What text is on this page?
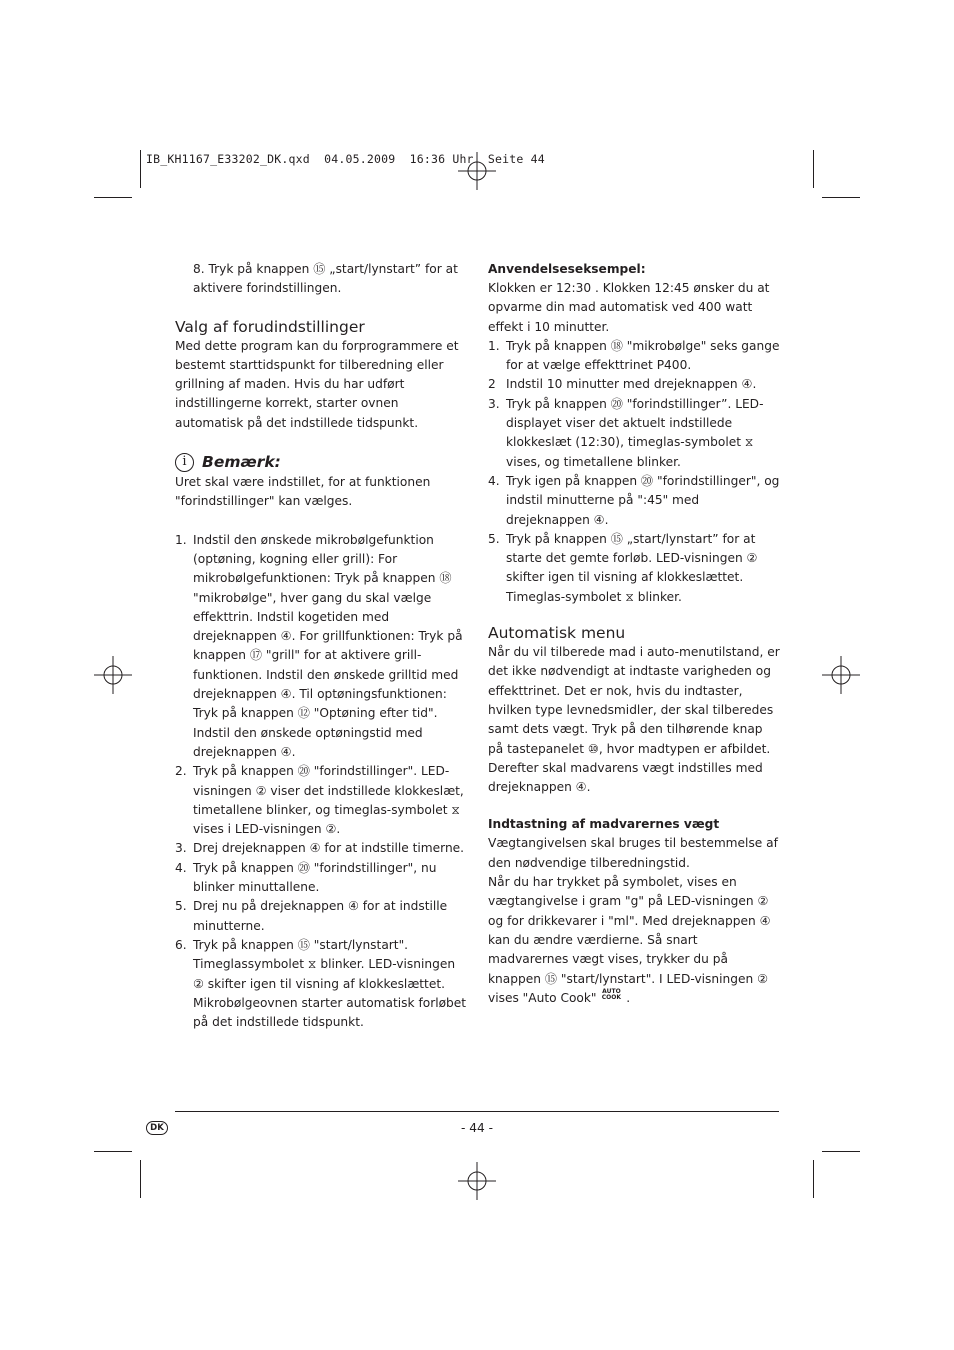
IB_KH1167_E33202_DK.qxd  04.05.2009  16:36 Uhr  Seite 44

8. Tryk på knappen ⑮ „start/lynstart” for at aktivere forindstillingen.

Valg af forudindstillinger

Med dette program kan du forprogrammere et bestemt starttidspunkt for tilberedning eller grillning af maden. Hvis du har udført indstillingerne korrekt, starter ovnen automatisk på det indstillede tidspunkt.

i Bemærk:

Uret skal være indstillet, for at funktionen "forindstillinger" kan vælges.

1. Indstil den ønskede mikrobølgefunktion (optøning, kogning eller grill): For mikrobølgefunktionen: Tryk på knappen ⑱ "mikrobølge", hver gang du skal vælge effekttrin. Indstil kogetiden med drejeknappen ④. For grillfunktionen: Tryk på knappen ⑰ "grill" for at aktivere grill-funktionen. Indstil den ønskede grilltid med drejeknappen ④. Til optøningsfunktionen: Tryk på knappen ⑫ "Optøning efter tid". Indstil den ønskede optøningstid med drejeknappen ④.

2. Tryk på knappen ⑳ "forindstillinger". LED-visningen ② viser det indstillede klokkeslæt, timetallene blinker, og timeglas-symbolet ⧖ vises i LED-visningen ②.

3. Drej drejeknappen ④ for at indstille timerne.

4. Tryk på knappen ⑳ "forindstillinger", nu blinker minuttallene.

5. Drej nu på drejeknappen ④ for at indstille minutterne.

6. Tryk på knappen ⑮ "start/lynstart". Timeglassymbolet ⧖ blinker. LED-visningen ② skifter igen til visning af klokkeslættet. Mikrobølgeovnen starter automatisk forløbet på det indstillede tidspunkt.

Anvendelseseksempel:

Klokken er 12:30 . Klokken 12:45 ønsker du at opvarme din mad automatisk ved 400 watt effekt i 10 minutter.

1. Tryk på knappen ⑱ "mikrobølge" seks gange for at vælge effekttrinet P400.

2 Indstil 10 minutter med drejeknappen ④.

3. Tryk på knappen ⑳ "forindstillinger”. LED-displayet viser det aktuelt indstillede klokkeslæt (12:30), timeglas-symbolet ⧖ vises, og timetallene blinker.

4. Tryk igen på knappen ⑳ "forindstillinger", og indstil minutterne på ":45" med drejeknappen ④.

5. Tryk på knappen ⑮ „start/lynstart” for at starte det gemte forløb. LED-visningen ② skifter igen til visning af klokkeslættet. Timeglas-symbolet ⧖ blinker.

Automatisk menu

Når du vil tilberede mad i auto-menutilstand, er det ikke nødvendigt at indtaste varigheden og effekttrinet. Det er nok, hvis du indtaster, hvilken type levnedsmidler, der skal tilberedes samt dets vægt. Tryk på den tilhørende knap på tastepanelet ⑩, hvor madtypen er afbildet. Derefter skal madvarens vægt indstilles med drejeknappen ④.

Indtastning af madvarernes vægt

Vægtangivelsen skal bruges til bestemmelse af den nødvendige tilberedningstid.

Når du har trykket på symbolet, vises en vægtangivelse i gram "g" på LED-visningen ② og for drikkevarer i "ml". Med drejeknappen ④ kan du ændre værdierne. Så snart madvarernes vægt vises, trykker du på knappen ⑮ "start/lynstart". I LED-visningen ② vises "Auto Cook" AUTO COOK .

DK	- 44 -
